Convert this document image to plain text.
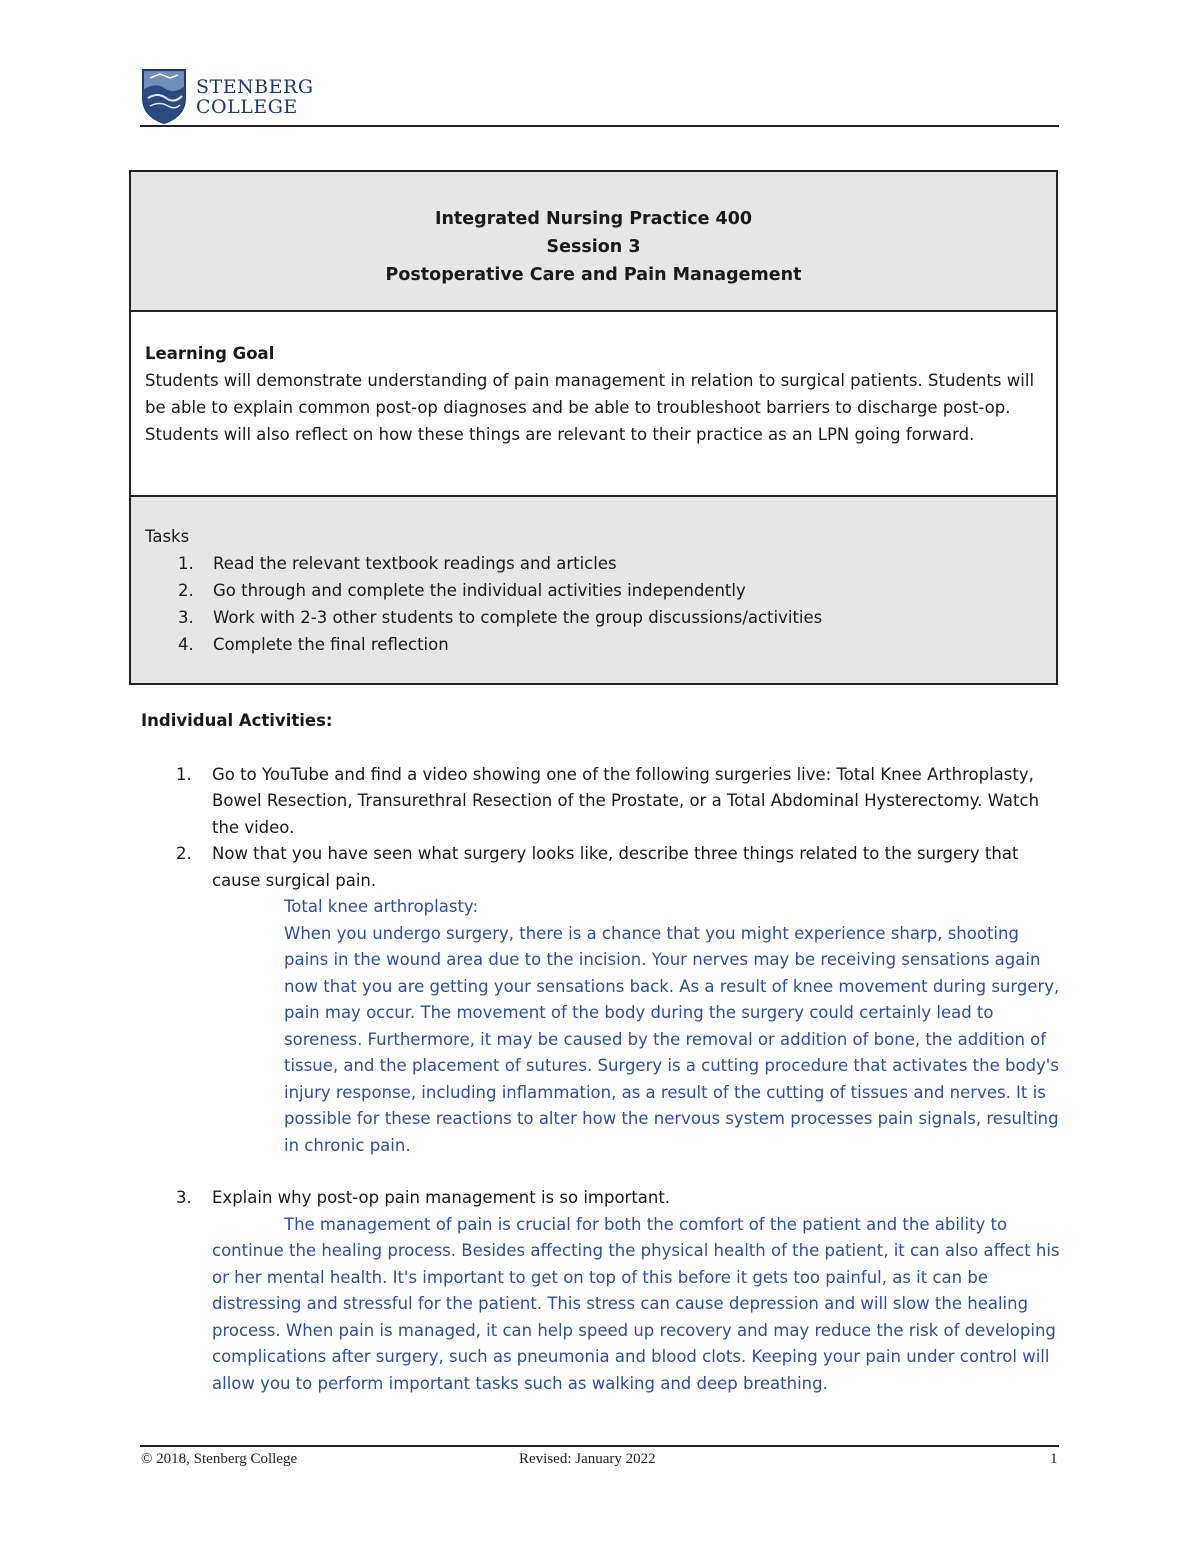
STENBERG
COLLEGE
Integrated Nursing Practice 400
Session 3
Postoperative Care and Pain Management
Learning Goal
Students will demonstrate understanding of pain management in relation to surgical patients. Students will be able to explain common post-op diagnoses and be able to troubleshoot barriers to discharge post-op. Students will also reflect on how these things are relevant to their practice as an LPN going forward.
Tasks
1. Read the relevant textbook readings and articles
2. Go through and complete the individual activities independently
3. Work with 2-3 other students to complete the group discussions/activities
4. Complete the final reflection
Individual Activities:
1. Go to YouTube and find a video showing one of the following surgeries live: Total Knee Arthroplasty, Bowel Resection, Transurethral Resection of the Prostate, or a Total Abdominal Hysterectomy. Watch the video.
2. Now that you have seen what surgery looks like, describe three things related to the surgery that cause surgical pain.
Total knee arthroplasty:
When you undergo surgery, there is a chance that you might experience sharp, shooting pains in the wound area due to the incision. Your nerves may be receiving sensations again now that you are getting your sensations back. As a result of knee movement during surgery, pain may occur. The movement of the body during the surgery could certainly lead to soreness. Furthermore, it may be caused by the removal or addition of bone, the addition of tissue, and the placement of sutures. Surgery is a cutting procedure that activates the body's injury response, including inflammation, as a result of the cutting of tissues and nerves. It is possible for these reactions to alter how the nervous system processes pain signals, resulting in chronic pain.
3. Explain why post-op pain management is so important.
The management of pain is crucial for both the comfort of the patient and the ability to continue the healing process. Besides affecting the physical health of the patient, it can also affect his or her mental health. It's important to get on top of this before it gets too painful, as it can be distressing and stressful for the patient. This stress can cause depression and will slow the healing process. When pain is managed, it can help speed up recovery and may reduce the risk of developing complications after surgery, such as pneumonia and blood clots. Keeping your pain under control will allow you to perform important tasks such as walking and deep breathing.
© 2018, Stenberg College	Revised: January 2022	1
